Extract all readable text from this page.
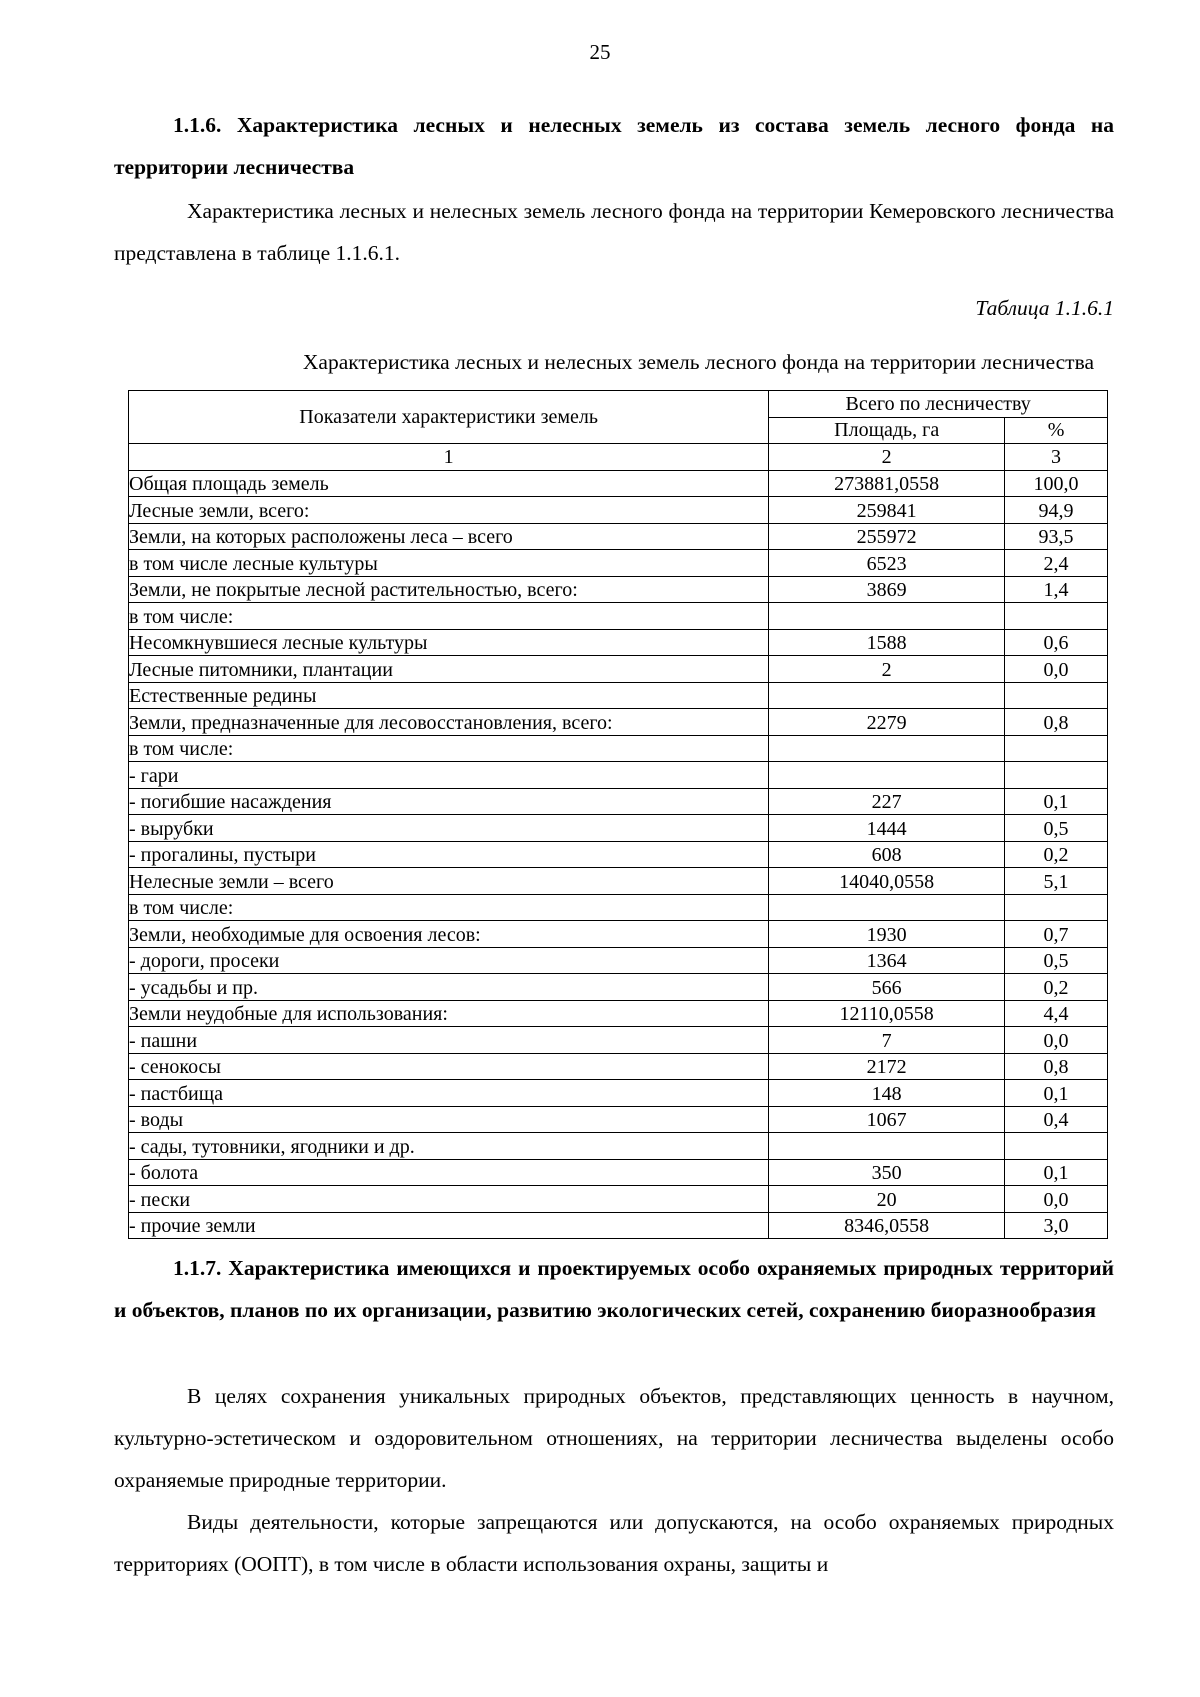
25

1.1.6. Характеристика лесных и нелесных земель из состава земель лесного фонда на территории лесничества

Характеристика лесных и нелесных земель лесного фонда на территории Кемеровского лесничества представлена в таблице 1.1.6.1.

Таблица 1.1.6.1
Характеристика лесных и нелесных земель лесного фонда на территории лесничества
Показатели характеристики земель	Всего по лесничеству	
	Площадь, га	%
1	2	3
Общая площадь земель	273881,0558	100,0
Лесные земли, всего:	259841	94,9
Земли, на которых расположены леса – всего	255972	93,5
в том числе лесные культуры	6523	2,4
Земли, не покрытые лесной растительностью, всего:	3869	1,4
в том числе:		
Несомкнувшиеся лесные культуры	1588	0,6
Лесные питомники, плантации	2	0,0
Естественные редины		
Земли, предназначенные для лесовосстановления, всего:	2279	0,8
в том числе:		
- гари		
- погибшие насаждения	227	0,1
- вырубки	1444	0,5
- прогалины, пустыри	608	0,2
Нелесные земли – всего	14040,0558	5,1
в том числе:		
Земли, необходимые для освоения лесов:	1930	0,7
- дороги, просеки	1364	0,5
- усадьбы и пр.	566	0,2
Земли неудобные для использования:	12110,0558	4,4
- пашни	7	0,0
- сенокосы	2172	0,8
- пастбища	148	0,1
- воды	1067	0,4
- сады, тутовники, ягодники и др.		
- болота	350	0,1
- пески	20	0,0
- прочие земли	8346,0558	3,0

1.1.7. Характеристика имеющихся и проектируемых особо охраняемых природных территорий и объектов, планов по их организации, развитию экологических сетей, сохранению биоразнообразия

В целях сохранения уникальных природных объектов, представляющих ценность в научном, культурно-эстетическом и оздоровительном отношениях, на территории лесничества выделены особо охраняемые природные территории.

Виды деятельности, которые запрещаются или допускаются, на особо охраняемых природных территориях (ООПТ), в том числе в области использования охраны, защиты и
